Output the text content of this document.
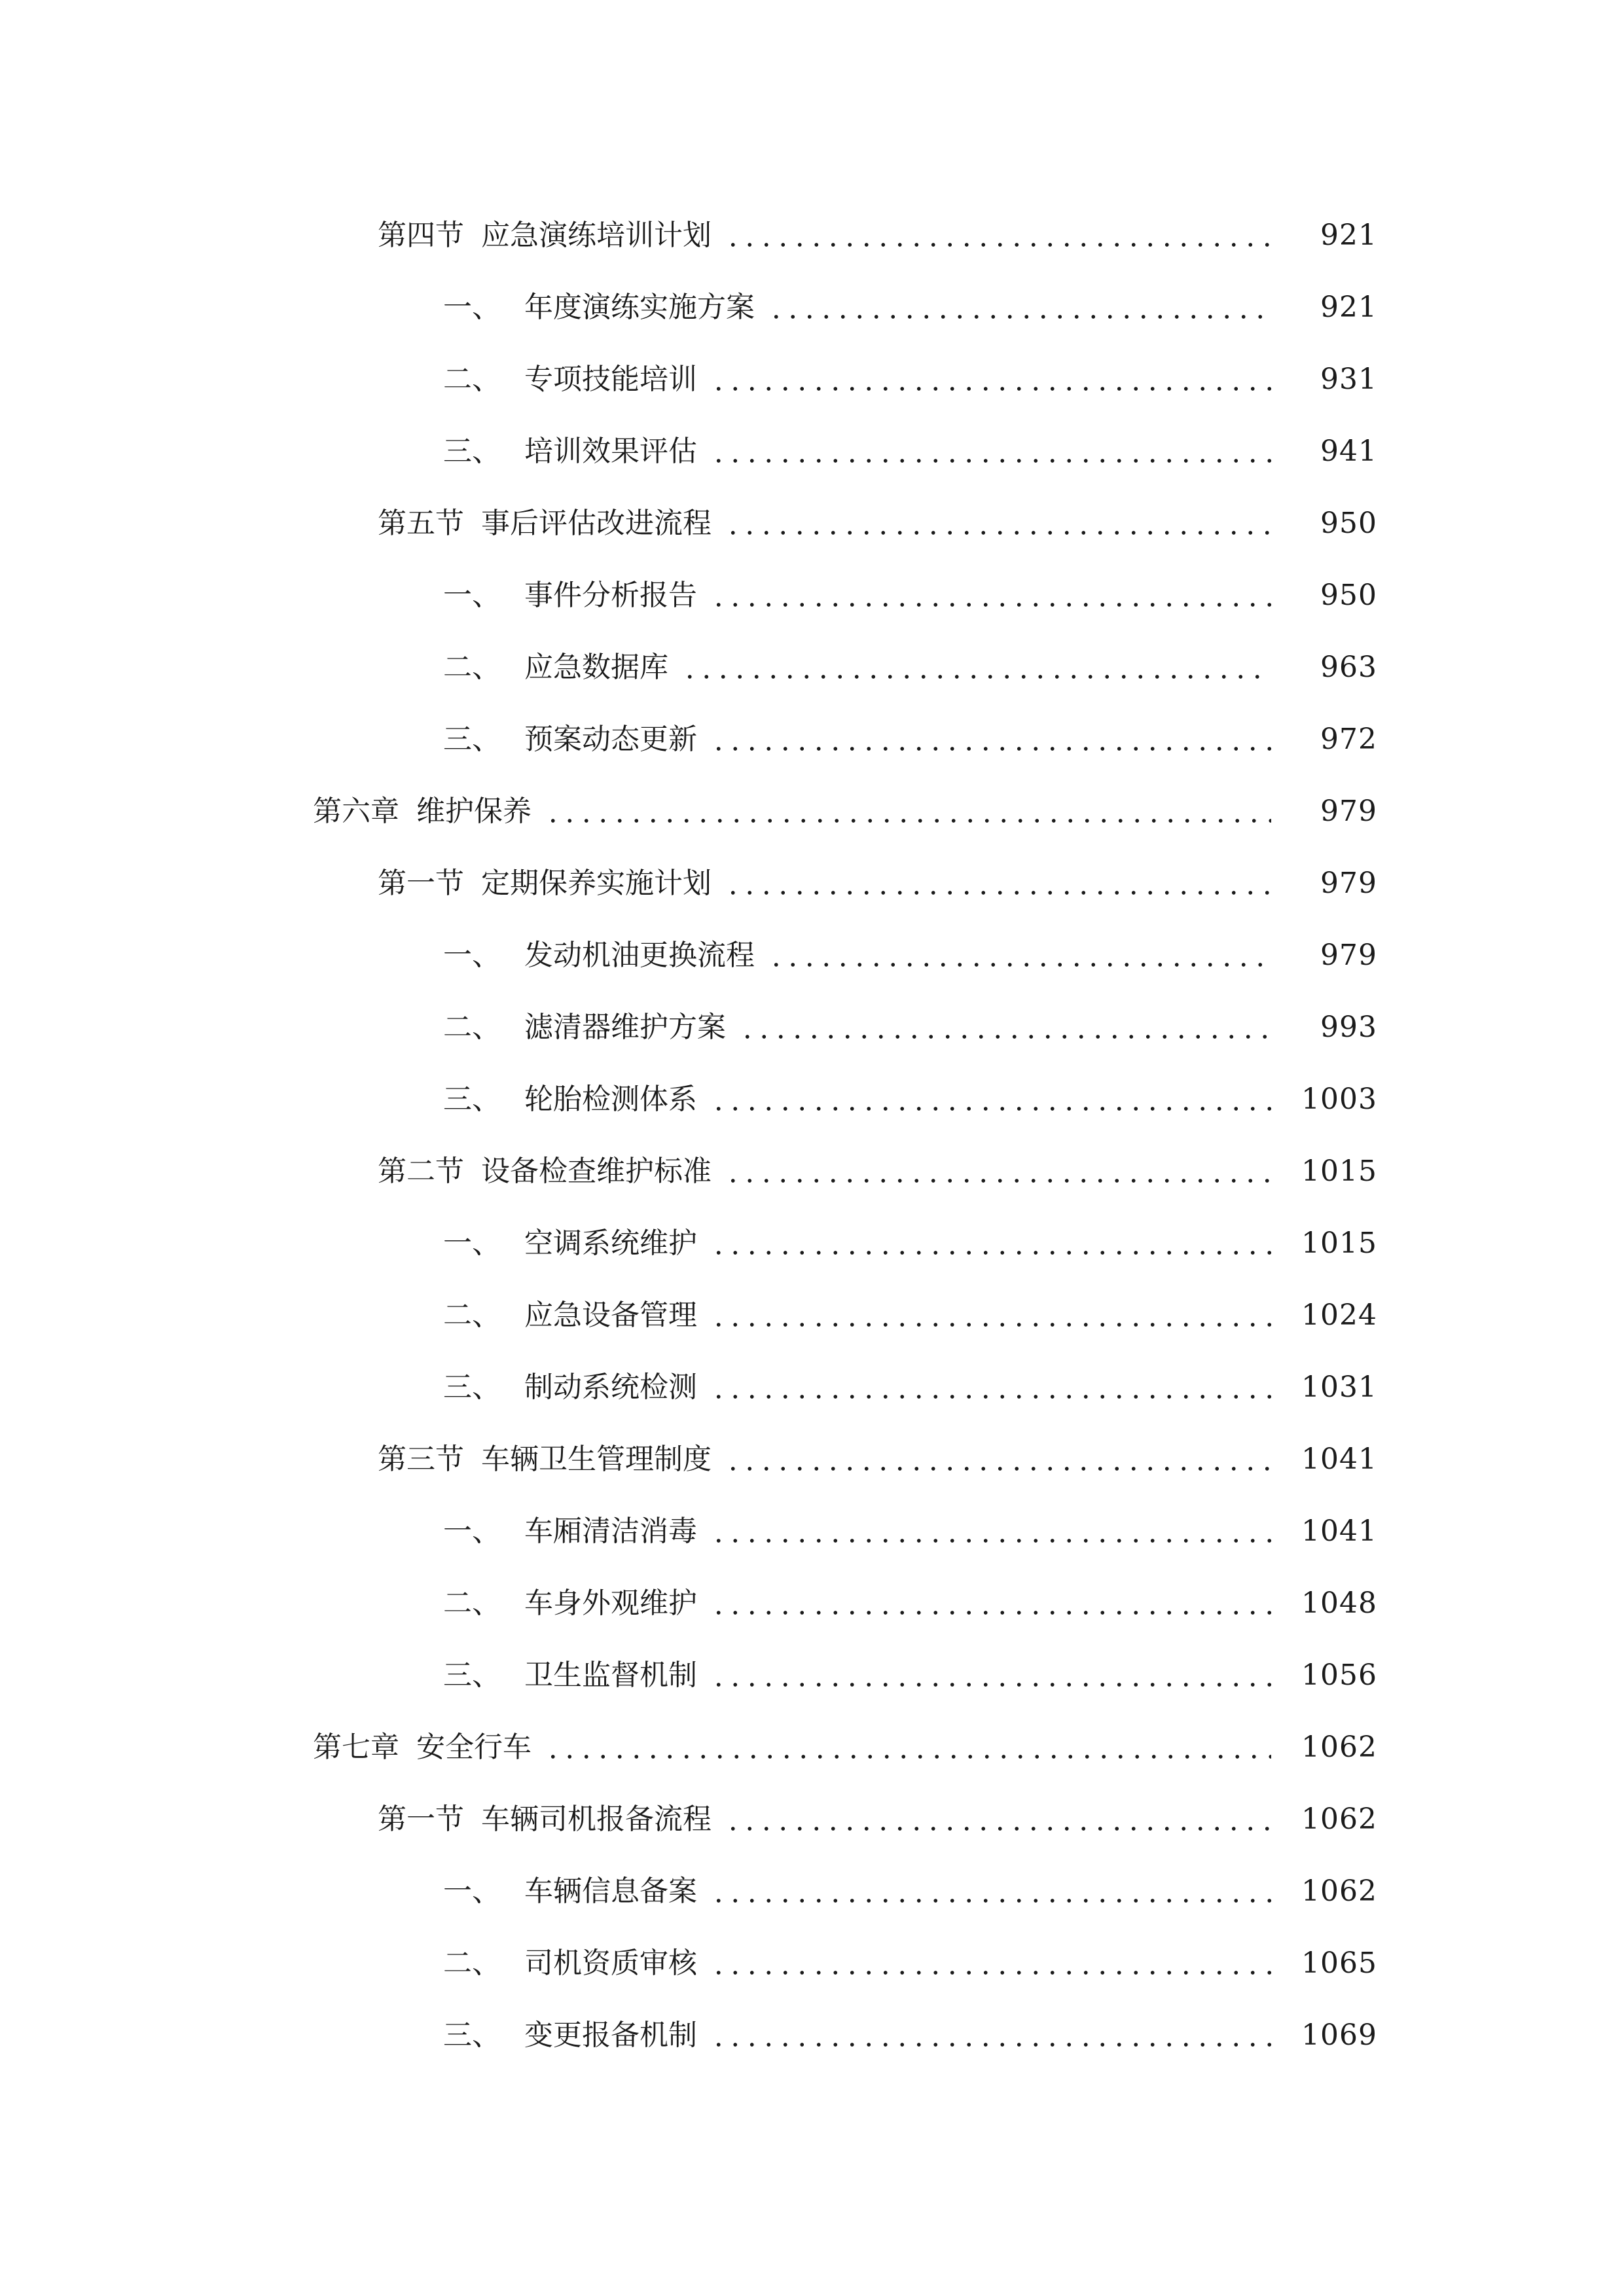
第四节 应急演练培训计划	921
一、 年度演练实施方案	921
二、 专项技能培训	931
三、 培训效果评估	941
第五节 事后评估改进流程	950
一、 事件分析报告	950
二、 应急数据库	963
三、 预案动态更新	972
第六章 维护保养	979
第一节 定期保养实施计划	979
一、 发动机油更换流程	979
二、 滤清器维护方案	993
三、 轮胎检测体系	1003
第二节 设备检查维护标准	1015
一、 空调系统维护	1015
二、 应急设备管理	1024
三、 制动系统检测	1031
第三节 车辆卫生管理制度	1041
一、 车厢清洁消毒	1041
二、 车身外观维护	1048
三、 卫生监督机制	1056
第七章 安全行车	1062
第一节 车辆司机报备流程	1062
一、 车辆信息备案	1062
二、 司机资质审核	1065
三、 变更报备机制	1069
